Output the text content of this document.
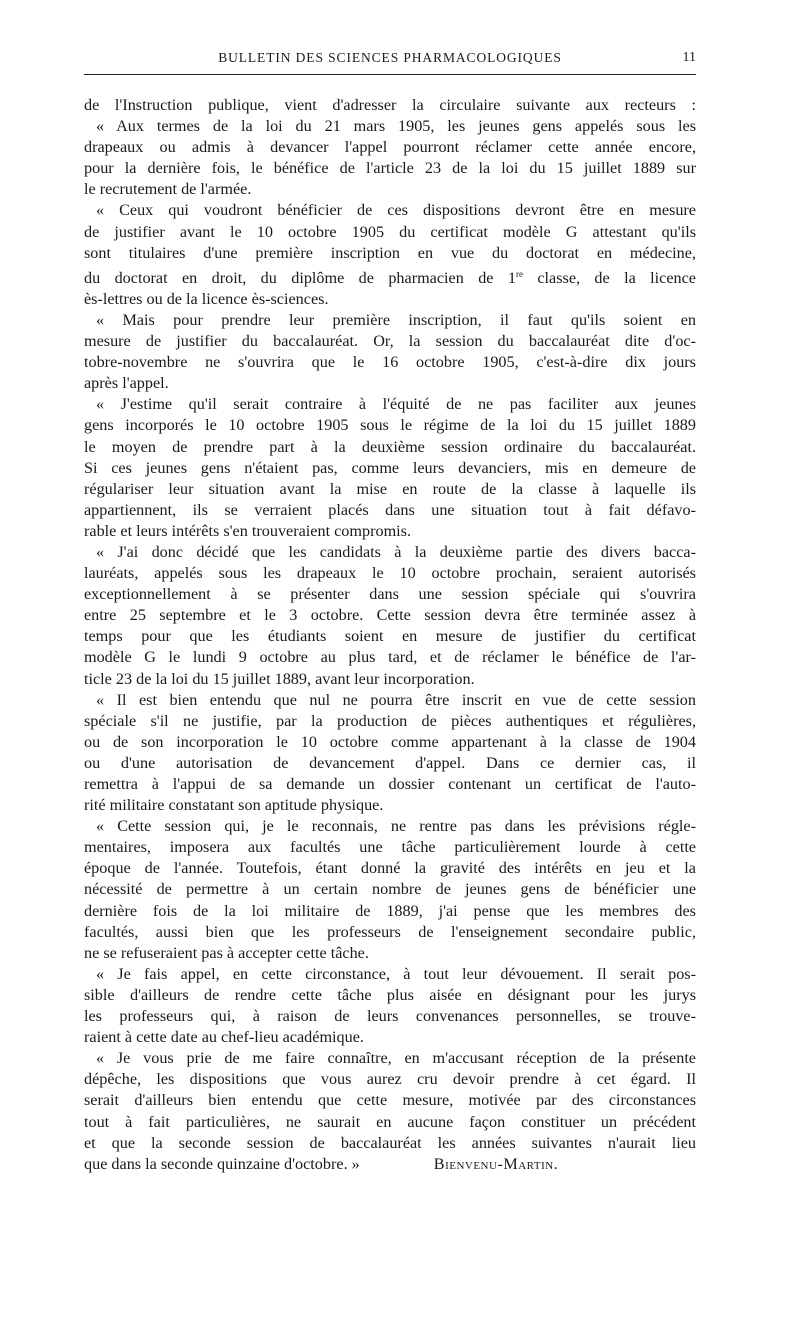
BULLETIN DES SCIENCES PHARMACOLOGIQUES	11
de l'Instruction publique, vient d'adresser la circulaire suivante aux recteurs :
« Aux termes de la loi du 21 mars 1905, les jeunes gens appelés sous les
drapeaux ou admis à devancer l'appel pourront réclamer cette année encore,
pour la dernière fois, le bénéfice de l'article 23 de la loi du 15 juillet 1889 sur
le recrutement de l'armée.
« Ceux qui voudront bénéficier de ces dispositions devront être en mesure
de justifier avant le 10 octobre 1905 du certificat modèle G attestant qu'ils
sont titulaires d'une première inscription en vue du doctorat en médecine,
du doctorat en droit, du diplôme de pharmacien de 1re classe, de la licence
ès-lettres ou de la licence ès-sciences.
« Mais pour prendre leur première inscription, il faut qu'ils soient en
mesure de justifier du baccalauréat. Or, la session du baccalauréat dite d'oc-
tobre-novembre ne s'ouvrira que le 16 octobre 1905, c'est-à-dire dix jours
après l'appel.
« J'estime qu'il serait contraire à l'équité de ne pas faciliter aux jeunes
gens incorporés le 10 octobre 1905 sous le régime de la loi du 15 juillet 1889
le moyen de prendre part à la deuxième session ordinaire du baccalauréat.
Si ces jeunes gens n'étaient pas, comme leurs devanciers, mis en demeure de
régulariser leur situation avant la mise en route de la classe à laquelle ils
appartiennent, ils se verraient placés dans une situation tout à fait défavo-
rable et leurs intérêts s'en trouveraient compromis.
« J'ai donc décidé que les candidats à la deuxième partie des divers bacca-
lauréats, appelés sous les drapeaux le 10 octobre prochain, seraient autorisés
exceptionnellement à se présenter dans une session spéciale qui s'ouvrira
entre 25 septembre et le 3 octobre. Cette session devra être terminée assez à
temps pour que les étudiants soient en mesure de justifier du certificat
modèle G le lundi 9 octobre au plus tard, et de réclamer le bénéfice de l'ar-
ticle 23 de la loi du 15 juillet 1889, avant leur incorporation.
« Il est bien entendu que nul ne pourra être inscrit en vue de cette session
spéciale s'il ne justifie, par la production de pièces authentiques et régulières,
ou de son incorporation le 10 octobre comme appartenant à la classe de 1904
ou d'une autorisation de devancement d'appel. Dans ce dernier cas, il
remettra à l'appui de sa demande un dossier contenant un certificat de l'auto-
rité militaire constatant son aptitude physique.
« Cette session qui, je le reconnais, ne rentre pas dans les prévisions régle-
mentaires, imposera aux facultés une tâche particulièrement lourde à cette
époque de l'année. Toutefois, étant donné la gravité des intérêts en jeu et la
nécessité de permettre à un certain nombre de jeunes gens de bénéficier une
dernière fois de la loi militaire de 1889, j'ai pense que les membres des
facultés, aussi bien que les professeurs de l'enseignement secondaire public,
ne se refuseraient pas à accepter cette tâche.
« Je fais appel, en cette circonstance, à tout leur dévouement. Il serait pos-
sible d'ailleurs de rendre cette tâche plus aisée en désignant pour les jurys
les professeurs qui, à raison de leurs convenances personnelles, se trouve-
raient à cette date au chef-lieu académique.
« Je vous prie de me faire connaître, en m'accusant réception de la présente
dépêche, les dispositions que vous aurez cru devoir prendre à cet égard. Il
serait d'ailleurs bien entendu que cette mesure, motivée par des circonstances
tout à fait particulières, ne saurait en aucune façon constituer un précédent
et que la seconde session de baccalauréat les années suivantes n'aurait lieu
que dans la seconde quinzaine d'octobre. »	Bienvenu-Martin.
